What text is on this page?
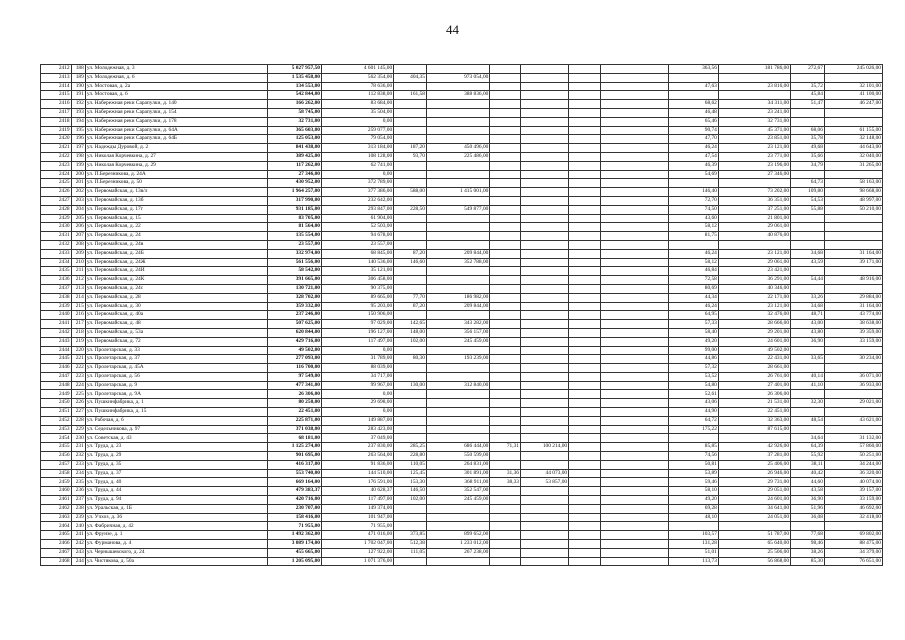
44
2412	188	ул. Молодежная, д. 3	5 027 957,50	4 601 145,00							363,56	181 786,00	272,67	245 026,00
2413	189	ул. Молодежная, д. 6	1 535 458,00	562 354,00	404,35	973 054,00								
2414	190	ул. Мостовая, д. 2а	134 553,00	78 636,00							47,63	23 816,00	35,72	32 101,00
2415	191	ул. Мостовая, д. 6	542 844,00	112 838,00	161,58	388 836,00							45,84	41 100,00
2416	192	ул. Набережная реки Сарапулки, д. 140	166 262,00	83 684,00							68,62	34 311,00	51,47	46 247,00
2417	193	ул. Набережная реки Сарапулки, д. 154	58 745,00	35 504,00							46,48	23 241,00		
2418	194	ул. Набережная реки Сарапулки, д. 178	32 731,00	0,00							65,46	32 731,00		
2419	195	ул. Набережная реки Сарапулки, д. 64А	365 603,00	259 077,00							90,74	45 371,00	68,06	61 155,00
2420	196	ул. Набережная реки Сарапулки, д. 64Б	125 053,00	79 054,00							47,70	23 851,00	35,78	32 148,00
2421	197	ул. Надежды Дуровой, д. 2	841 438,00	313 184,00	187,20	450 496,00					46,24	23 121,00	49,68	44 643,00
2422	198	ул. Николая Корчевкина, д. 27	389 425,00	108 128,00	93,70	225 486,00					47,54	23 771,00	35,66	32 040,00
2423	199	ул. Николая Корчевкина, д. 29	117 262,00	62 741,00							46,39	23 196,00	34,79	31 265,00
2424	200	ул. П.Березникова, д. 24А	27 346,00	0,00							54,69	27 346,00		
2425	201	ул. П.Березникова, д. 50	430 952,00	372 789,00									64,73	58 163,00
2426	202	ул. Первомайская, д. 13в/л	1 964 257,00	377 386,00	588,00	1 415 001,00					146,40	73 202,00	109,80	98 668,00
2427	203	ул. Первомайская, д. 13б	317 990,00	232 642,00							72,70	36 351,00	54,53	48 997,00
2428	204	ул. Первомайская, д. 17г	931 185,00	293 847,00	228,50	549 877,00					74,50	37 251,00	55,88	50 210,00
2429	205	ул. Первомайская, д. 15	83 705,00	61 904,00							43,60	21 801,00		
2430	206	ул. Первомайская, д. 22	81 564,00	52 503,00							58,12	29 061,00		
2431	207	ул. Первомайская, д. 24	135 554,00	94 678,00							81,75	40 876,00		
2432	208	ул. Первомайская, д. 24в	23 557,00	23 557,00										
2433	209	ул. Первомайская, д. 24Б	332 974,00	68 845,00	87,20	209 844,00					46,24	23 121,00	34,68	31 164,00
2434	210	ул. Первомайская, д. 24Ж	561 556,00	140 536,00	146,60	352 788,00					58,12	29 061,00	43,59	39 171,00
2435	211	ул. Первомайская, д. 24И	58 542,00	35 121,00							46,84	23 421,00		
2436	212	ул. Первомайская, д. 24К	391 665,00	306 458,00							72,58	36 291,00	54,44	48 916,00
2437	213	ул. Первомайская, д. 24с	130 721,00	90 375,00							80,69	40 346,00		
2438	214	ул. Первомайская, д. 28	328 702,00	89 665,00	77,70	186 982,00					44,34	22 171,00	33,26	29 884,00
2439	215	ул. Первомайская, д. 30	359 332,00	95 203,00	87,20	209 844,00					46,24	23 121,00	34,68	31 164,00
2440	216	ул. Первомайская, д. 40а	237 246,00	150 906,00							64,95	32 476,00	48,71	43 774,00
2441	217	ул. Первомайская, д. 48	507 625,00	97 029,00	142,65	343 282,00					57,33	28 666,00	43,00	38 638,00
2442	218	ул. Первомайская, д. 53а	620 844,00	196 127,00	148,00	356 157,00					58,40	29 201,00	43,80	39 359,00
2443	219	ул. Первомайская, д. 72	429 716,00	117 497,00	102,00	245 459,00					49,20	24 601,00	36,90	33 159,00
2444	220	ул. Пролетарская, д. 33	49 502,00	0,00							99,00	49 502,00		
2445	221	ул. Пролетарская, д. 37	277 093,00	31 789,00	80,30	193 239,00					44,86	22 431,00	33,65	30 234,00
2446	222	ул. Пролетарская, д. 45А	116 700,00	88 039,00							57,32	28 661,00		
2447	223	ул. Пролетарская, д. 56	97 549,00	34 717,00							53,52	26 761,00	40,14	36 071,00
2448	224	ул. Пролетарская, д. 9	477 341,00	99 967,00	130,00	312 840,00					54,80	27 401,00	41,10	36 933,00
2449	225	ул. Пролетарская, д. 9А	26 306,00	0,00							52,61	26 306,00		
2450	226	ул. Пушкинфабрика, д. 1	80 250,00	29 698,00							43,06	21 531,00	32,30	29 021,00
2451	227	ул. Пушкинфабрика, д. 15	22 451,00	0,00							44,90	22 451,00		
2452	228	ул. Рабочая, д. 6	225 871,00	149 887,00							64,72	32 363,00	48,54	43 621,00
2453	229	ул. Седельникова, д. 97	371 038,00	283 423,00							175,22	87 615,00		
2454	230	ул. Советская, д. 43	68 181,00	37 049,00									34,64	31 132,00
2455	231	ул. Труда, д. 23	1 125 274,00	237 830,00	285,25	686 444,00	71,31	100 214,00			85,85	42 926,00	64,39	57 860,00
2456	232	ул. Труда, д. 29	901 695,00	263 564,00	228,80	550 599,00					74,56	37 281,00	55,92	50 251,00
2457	233	ул. Труда, д. 35	416 317,00	91 836,00	110,05	264 831,00					50,81	25 406,00	38,11	34 244,00
2458	234	ул. Труда, д. 37	553 740,00	144 510,00	125,45	301 891,00	31,36	44 073,00			53,89	26 946,00	40,42	36 320,00
2459	235	ул. Труда, д. 40	669 164,00	176 591,00	153,30	368 911,00	38,33	53 857,00			59,46	29 731,00	44,60	40 074,00
2460	236	ул. Труда, д. 44	479 383,37	40 628,37	146,50	352 547,00					58,10	29 051,00	43,58	39 157,00
2461	237	ул. Труда, д. 94	420 716,00	117 497,00	102,00	245 459,00					49,20	24 601,00	36,90	33 159,00
2462	238	ул. Уральская, д. 1Б	230 707,00	149 374,00							69,28	34 641,00	51,96	46 692,00
2463	239	ул. Учхоз, д. 36	158 416,00	101 947,00							48,10	24 051,00	36,08	32 418,00
2464	240	ул. Фабричная, д. 42	71 955,00	71 955,00										
2465	241	ул. Фрунзе, д. 1	1 492 362,00	471 016,00	373,85	899 652,00					103,57	51 787,00	77,68	69 802,00
2466	242	ул. Фурманова, д. 4	3 089 174,00	1 702 047,00	512,38	1 233 012,00					131,28	65 640,00	98,46	88 475,00
2467	243	ул. Чернышевского, д. 24	455 665,00	127 922,00	111,05	267 238,00					51,01	25 506,00	38,26	34 379,00
2468	244	ул. Чистякова, д. 50а	1 205 095,00	1 071 376,00							113,73	56 868,00	85,30	76 651,00
